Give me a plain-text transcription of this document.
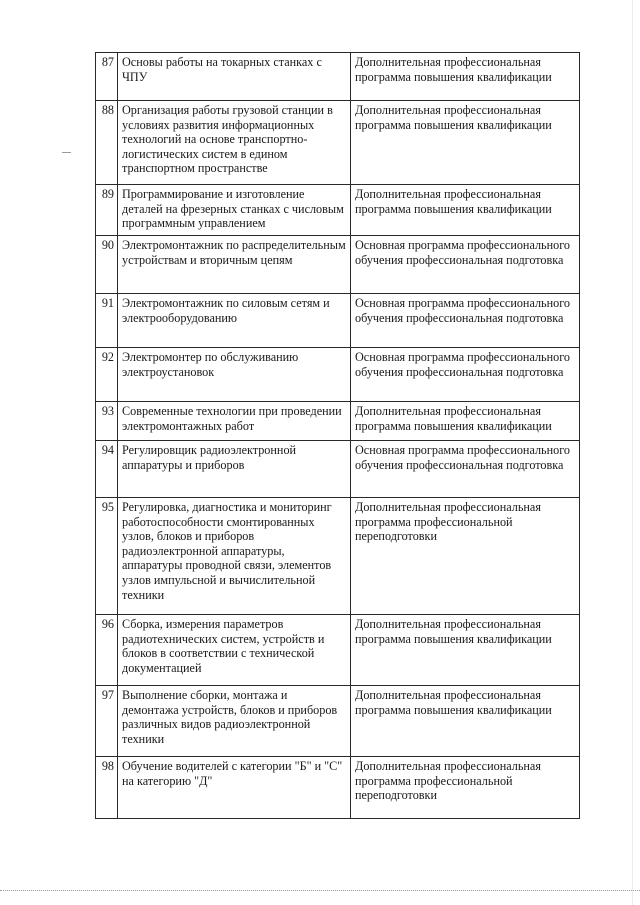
87	Основы работы на токарных станках с ЧПУ	Дополнительная профессиональная программа повышения квалификации
88	Организация работы грузовой станции в условиях развития информационных технологий на основе транспортно-логистических систем в едином транспортном пространстве	Дополнительная профессиональная программа повышения квалификации
89	Программирование и изготовление деталей на фрезерных станках с числовым программным управлением	Дополнительная профессиональная программа повышения квалификации
90	Электромонтажник по распределительным устройствам и вторичным цепям	Основная программа профессионального обучения профессиональная подготовка
91	Электромонтажник по силовым сетям и электрооборудованию	Основная программа профессионального обучения профессиональная подготовка
92	Электромонтер по обслуживанию электроустановок	Основная программа профессионального обучения профессиональная подготовка
93	Современные технологии при проведении электромонтажных работ	Дополнительная профессиональная программа повышения квалификации
94	Регулировщик радиоэлектронной аппаратуры и приборов	Основная программа профессионального обучения профессиональная подготовка
95	Регулировка, диагностика и мониторинг работоспособности смонтированных узлов, блоков и приборов радиоэлектронной аппаратуры, аппаратуры проводной связи, элементов узлов импульсной и вычислительной техники	Дополнительная профессиональная программа профессиональной переподготовки
96	Сборка, измерения параметров радиотехнических систем, устройств и блоков в соответствии с технической документацией	Дополнительная профессиональная программа повышения квалификации
97	Выполнение сборки, монтажа и демонтажа устройств, блоков и приборов различных видов радиоэлектронной техники	Дополнительная профессиональная программа повышения квалификации
98	Обучение водителей с категории "Б" и "С" на категорию "Д"	Дополнительная профессиональная программа профессиональной переподготовки
